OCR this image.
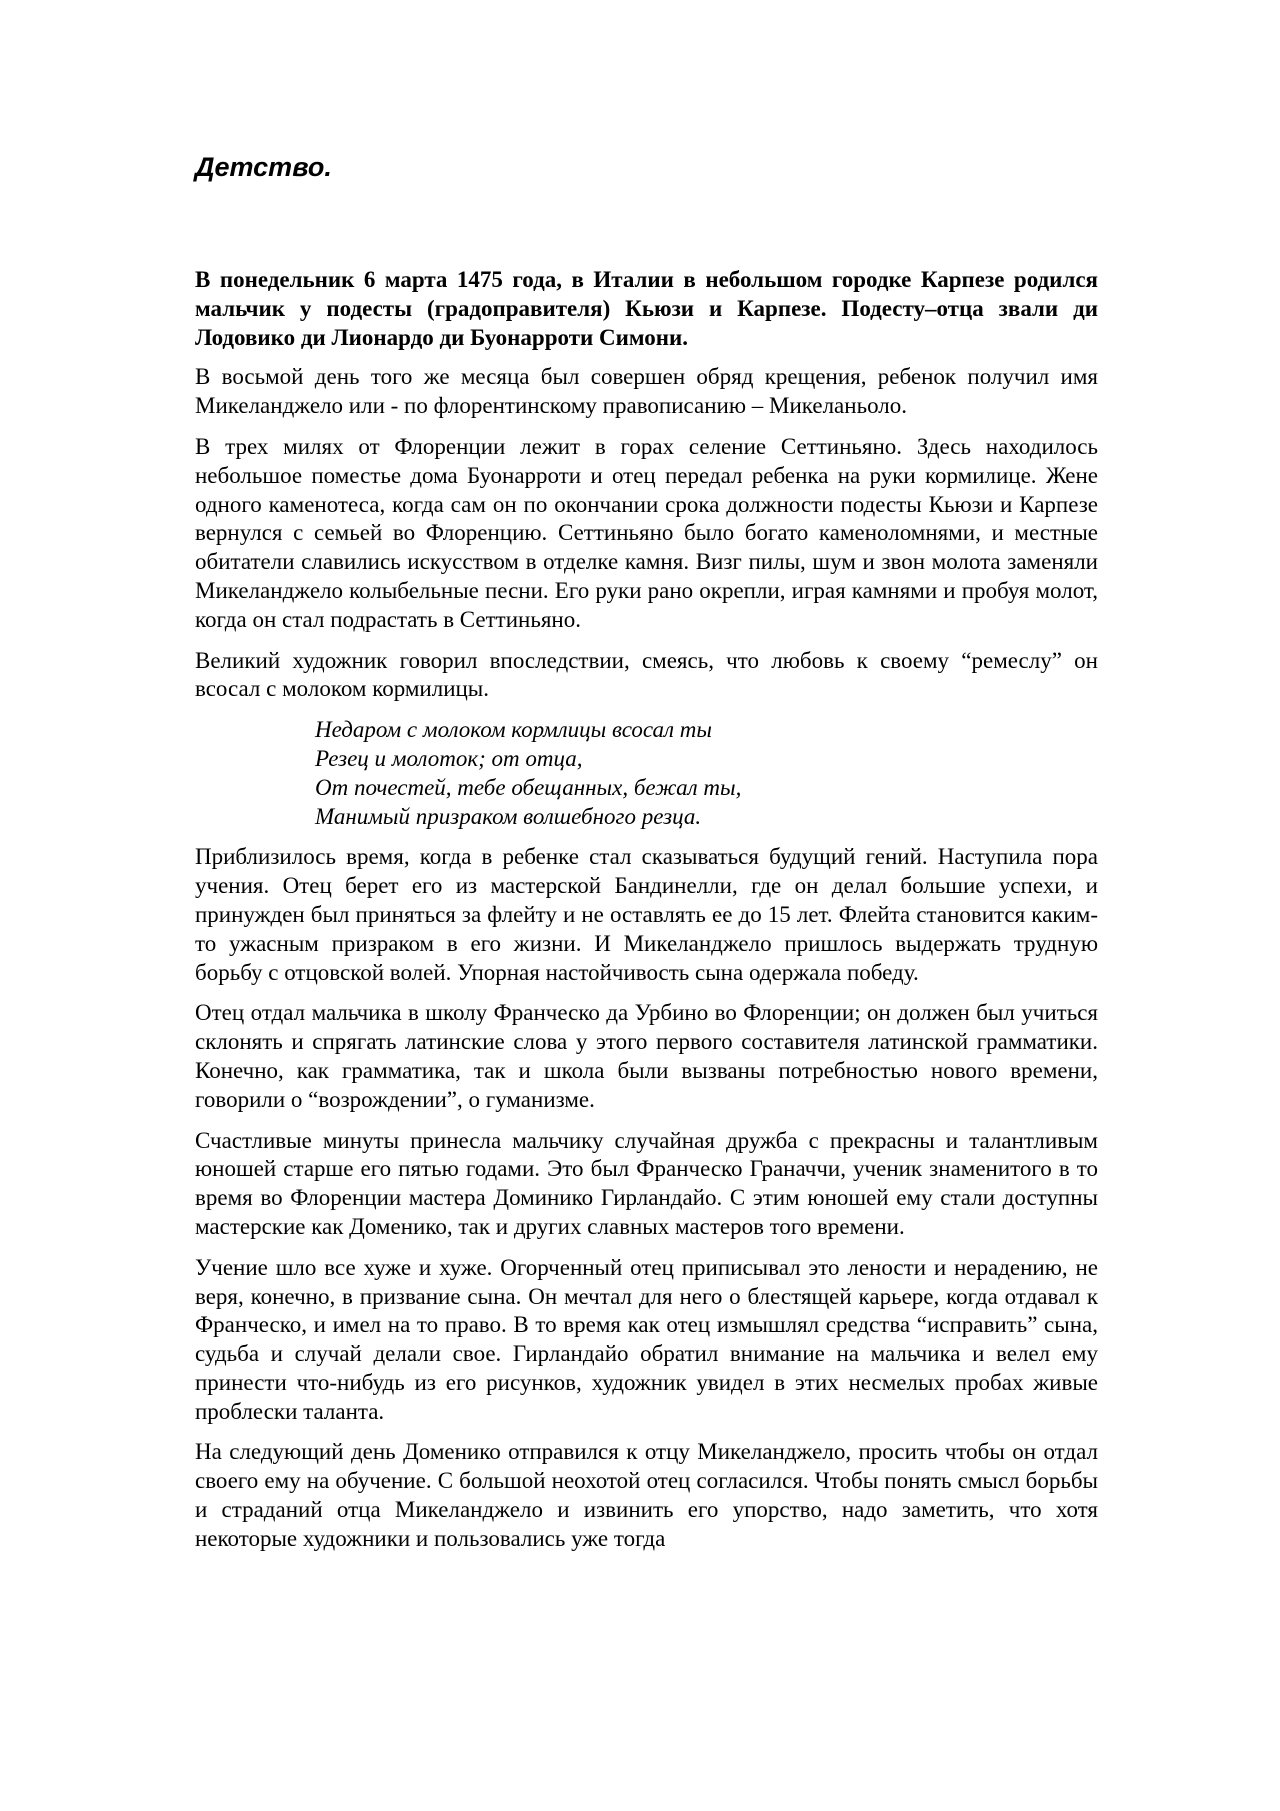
Детство.

В понедельник 6 марта 1475 года, в Италии в небольшом городке Карпезе родился мальчик у подесты (градоправителя) Кьюзи и Карпезе. Подесту–отца звали ди Лодовико ди Лионардо ди Буонарроти Симони.

В восьмой день того же месяца был совершен обряд крещения, ребенок получил имя Микеланджело или - по флорентинскому правописанию – Микеланьоло.

В трех милях от Флоренции лежит в горах селение Сеттиньяно. Здесь находилось небольшое поместье дома Буонарроти и отец передал ребенка на руки кормилице. Жене одного каменотеса, когда сам он по окончании срока должности подесты Кьюзи и Карпезе вернулся с семьей во Флоренцию. Сеттиньяно было богато каменоломнями, и местные обитатели славились искусством в отделке камня. Визг пилы, шум и звон молота заменяли Микеланджело колыбельные песни. Его руки рано окрепли, играя камнями и пробуя молот, когда он стал подрастать в Сеттиньяно.

Великий художник говорил впоследствии, смеясь, что любовь к своему “ремеслу” он всосал с молоком кормилицы.

Недаром с молоком кормлицы всосал ты
Резец и молоток; от отца,
От почестей, тебе обещанных, бежал ты,
Манимый призраком волшебного резца.

Приблизилось время, когда в ребенке стал сказываться будущий гений. Наступила пора учения. Отец берет его из мастерской Бандинелли, где он делал большие успехи, и принужден был приняться за флейту и не оставлять ее до 15 лет. Флейта становится каким-то ужасным призраком в его жизни. И Микеланджело пришлось выдержать трудную борьбу с отцовской волей. Упорная настойчивость сына одержала победу.

Отец отдал мальчика в школу Франческо да Урбино во Флоренции; он должен был учиться склонять и спрягать латинские слова у этого первого составителя латинской грамматики. Конечно, как грамматика, так и школа были вызваны потребностью нового времени, говорили о “возрождении”, о гуманизме.

Счастливые минуты принесла мальчику случайная дружба с прекрасны и талантливым юношей старше его пятью годами. Это был Франческо Граначчи, ученик знаменитого в то время во Флоренции мастера Доминико Гирландайо. С этим юношей ему стали доступны мастерские как Доменико, так и других славных мастеров того времени.

Учение шло все хуже и хуже. Огорченный отец приписывал это лености и нерадению, не веря, конечно, в призвание сына. Он мечтал для него о блестящей карьере, когда отдавал к Франческо, и имел на то право. В то время как отец измышлял средства “исправить” сына, судьба и случай делали свое. Гирландайо обратил внимание на мальчика и велел ему принести что-нибудь из его рисунков, художник увидел в этих несмелых пробах живые проблески таланта.

На следующий день Доменико отправился к отцу Микеланджело, просить чтобы он отдал своего ему на обучение. С большой неохотой отец согласился. Чтобы понять смысл борьбы и страданий отца Микеланджело и извинить его упорство, надо заметить, что хотя некоторые художники и пользовались уже тогда
